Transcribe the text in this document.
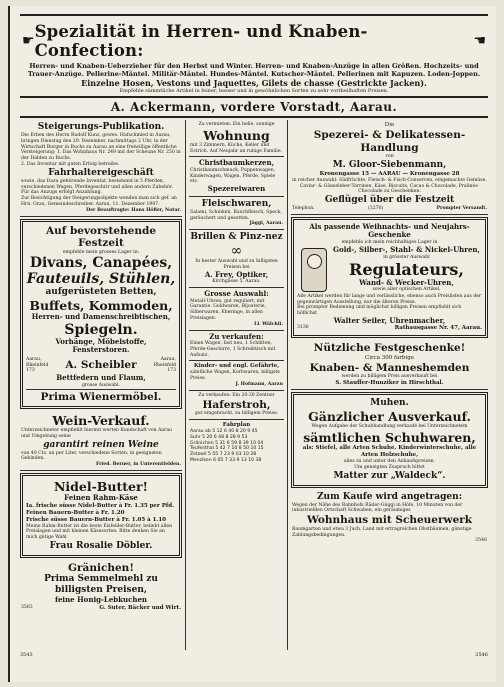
☛ Spezialität in Herren- und Knaben-Confection:	☚
Herren- und Knaben-Ueberzieher für den Herbst und Winter. Herren- und Knaben-Anzüge in allen Größen. Hochzeits- und
Trauer-Anzüge. Pellerine-Mäntel. Militär-Mäntel. Hundes-Mäntel. Kutscher-Mäntel. Pellerinen mit Kapuzen. Loden-Joppen.
Einzelne Hosen, Vestons und Jaquettes, Gilets de chasse (Gestrickte Jacken).
Empfehle sämmtliche Artikel in feiner, besser und in gewöhnlichen Sorten zu sehr vortheilhaften Preisen.
A. Ackermann, vordere Vorstadt, Aarau.
Steigerungs-Publikation.
Die Erben des Herrn Rudolf Kunz, gewes. Hufschmied in Aarau, bringen Dienstag den 29. Dezember, nachmittags 2 Uhr, in der Wirtschaft Burger in Buchs zu Aarau an eine freiwillige öffentliche Versteigerung: 1. Das Wohnhaus Nr. 249 mit der Scheune Nr. 250 in der Halden zu Buchs.
2. Das Inventar mit guten Erfolg betreibe.
Fahrhaltereigeschäft
sowie, das Dazu gehörende Inventar, bestehend in 5 Pferden, verschiedenen Wagen, Pferdegeschirr und allen andern Zubehör. Für das Anzugs erfolgt Anzahlung.
Zur Besichtigung der Steigerungsobjekte wenden man sich gef. an Hrn. Grau, Gemeindeschreiber. Aarau, 11. Dezember 1907.
Der Beauftragte: Hans Höfler, Notar.
Auf bevorstehende Festzeit
empfehle mein grosses Lager in:
Divans, Canapées,
Fauteuils, Stühlen,
aufgerüsteten Betten,
Buffets, Kommoden,
Herren- und Damenschreibtischen,
Spiegeln.
Vorhänge, Möbelstoffe, Fensterstoren.
Aarau, Rheinfeld 173	A. Scheibler	Aarau, Rheinfeld 173
Bettfedern und Flaum,
grosse Auswahl.
Prima Wienermöbel.
Wein-Verkauf.
Unterzeichneter empfiehlt hiermit werten Kundschaft von Aarau und Umgebung seine
garantirt reinen Weine
von 40 Cts. an per Liter, verschiedene Sorten, in geeigneten Gebinden.
Fried. Berner, in Unterentfelden.
Nidel-Butter!
Feinen Rahm-Käse
Ia. frische süsse Nidel-Butter à Fr. 1.35 per Pfd.
Feinen Bauern-Butter à Fr. 1.20
Frische süsse Bauern-Butter à Fr. 1.05 à 1.10
Meine Rahm-Butter ist die beste Eisfelder-Butter, beliebt allen Preislagen und mit kleinen Käsesorten. Bitte denken Sie an mich gütige Wahl
Frau Rosalie Döbler.
Gränichen!
Prima Semmelmehl zu billigsten Preisen,
feine Honig-Lebkuchen
3563	G. Suter, Bäcker und Wirt.
Zu vermieten: Ein helle, sonnige
Wohnung
mit 3 Zimmern, Küche, Keller und Estrich. Auf Neujahr an ruhige Familie.
Christbaumkerzen,
Christbaumschmuck, Puppenwagen, Kinderwagen, Wagen, Pferde, Spiele etc.
Spezereiwaren
Fleischwaren,
Salami, Schinken, Rauchfleisch, Speck, geräuchert und gesotten.
Jäggi, Aarau.
Brillen & Pinz-nez
∞
In bester Auswahl und zu billigsten Preisen bei
A. Frey, Optiker,
Kirchgasse 5, Aarau.
Grosse Auswahl:
Metall-Uhren, gut reguliert, mit Garantie. Goldwaren, Bijouterie, Silberwaren, Eheringe, in allen Preislagen.
Ll. Wälchli.
Zu verkaufen:
Einen Wagen, fast neu, 1 Schlitten, Pferde-Geschirre, 1 Schreibtisch mit Aufsatz.
Kinder- und engl. Gefährte,
sämtliche Wagen, Korbwaren, billigste Preise.
J. Hofmann, Aarau
Zu verkaufen: Ein 20-30 Zentner
Haferstroh,
gut eingebracht, zu billigem Preise.
Fahrplan
Aarau ab 5 12 6 40 8 20 9 45
Suhr 5 20 6 48 8 28 9 53
Gränichen 5 31 6 59 8 39 10 04
Teufenthal 5 42 7 10 8 50 10 15
Zetzwil 5 55 7 23 9 03 10 28
Menziken 6 05 7 33 9 13 10 38
Die
Spezerei- & Delikatessen-Handlung
von
M. Gloor-Siebenmann,
Kronengasse 15 — AARAU — Kronengasse 28
in reicher Auswahl: Südfrüchte, Fleisch- & Fisch-Conserven, eingemachte Gemüse, Caviar- & Gänseleber-Terrinen, Käse, Biscuits, Cacao & Chocolade, Pralinés-Chocolade zu Geschenken.
Geflügel über die Festzeit
Telephon.	(3270)	Prompter Versandt.
Als passende Weihnachts- und Neujahrs-Geschenke
empfehle ich mein reichhaltiges Lager in
Gold-, Silber-, Stahl- & Nickel-Uhren,
in grösster Auswahl
Regulateurs,
Wand- & Wecker-Uhren,
sowie aller optischen Artikel.
Alle Artikel werden für lange und verlässliche, ebenso auch Preislisten aus der gegenwärtigen Ausstellung, nur die älteren Preise.
Bei prompter Bedienung und möglichst billigen Preisen empfiehlt sich höflichst
Walter Seiler, Uhrenmacher,
3136	Rathausgasse Nr. 47, Aarau.
Nützliche Festgeschenke!
Circa 300 farbige
Knaben- & Manneshemden
werden zu billigem Preis ausverkauft bei
S. Stauffer-Hunziker in Hirschthal.
Muhen.
Gänzlicher Ausverkauf.
Wegen Aufgabe der Schuhhandlung verkaufe bei Unterzeichnetem
sämtlichen Schuhwaren,
als: Stiefel, alle Arten Schuhe, Kinderwinterschuhe, alle Arten Holzschuhe,
alles zu und unter den Ankaufspreisen.
Um geneigten Zuspruch bittet
Matter zur „Waldeck“.
Zum Kaufe wird angetragen:
Wegen der Nähe des Bahnhofs Räder-Güggi in Höfe, 10 Minuten von der inkustrielllen Ortschaft Schwaben, ein geräumiges
Wohnhaus mit Scheuerwerk
Baumgarten und etwa 3 Juch. Land mit ertragreichen Obstbäumen, günstige Zahlungsbedingungen.
3546
3543	3546
